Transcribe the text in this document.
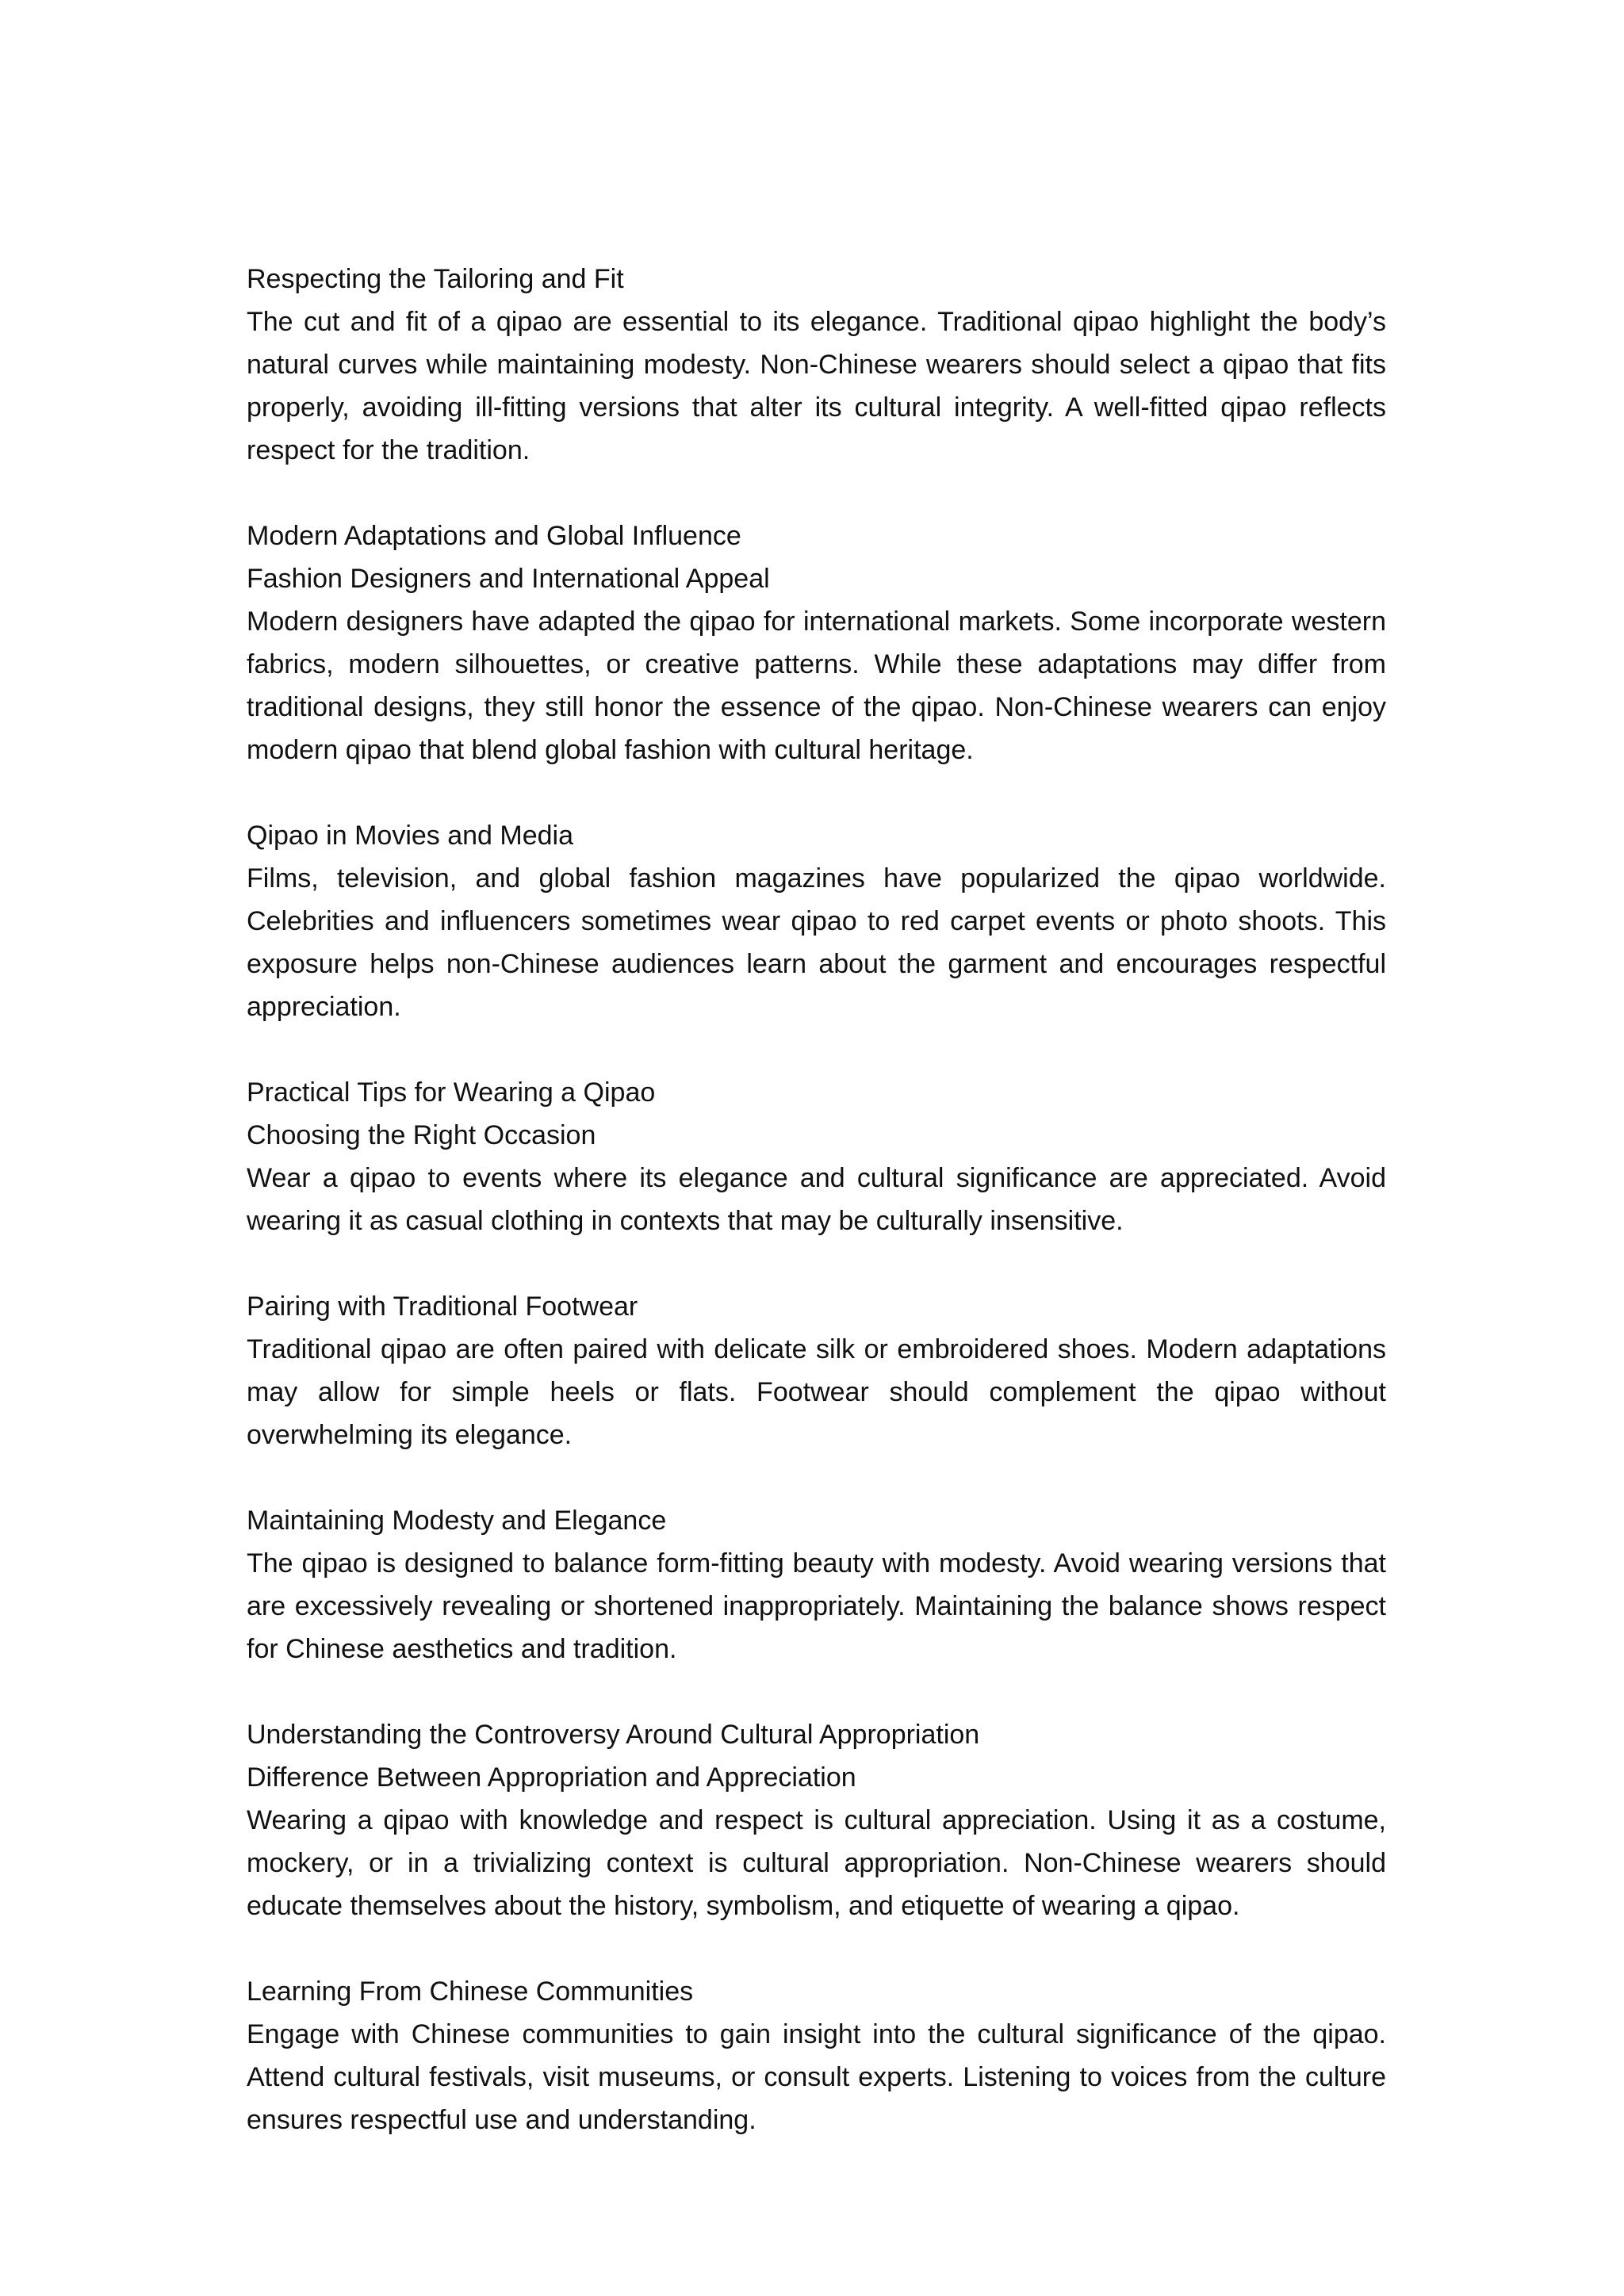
Respecting the Tailoring and Fit

The cut and fit of a qipao are essential to its elegance. Traditional qipao highlight the body’s natural curves while maintaining modesty. Non-Chinese wearers should select a qipao that fits properly, avoiding ill-fitting versions that alter its cultural integrity. A well-fitted qipao reflects respect for the tradition.

Modern Adaptations and Global Influence

Fashion Designers and International Appeal

Modern designers have adapted the qipao for international markets. Some incorporate western fabrics, modern silhouettes, or creative patterns. While these adaptations may differ from traditional designs, they still honor the essence of the qipao. Non-Chinese wearers can enjoy modern qipao that blend global fashion with cultural heritage.

Qipao in Movies and Media

Films, television, and global fashion magazines have popularized the qipao worldwide. Celebrities and influencers sometimes wear qipao to red carpet events or photo shoots. This exposure helps non-Chinese audiences learn about the garment and encourages respectful appreciation.

Practical Tips for Wearing a Qipao

Choosing the Right Occasion

Wear a qipao to events where its elegance and cultural significance are appreciated. Avoid wearing it as casual clothing in contexts that may be culturally insensitive.

Pairing with Traditional Footwear

Traditional qipao are often paired with delicate silk or embroidered shoes. Modern adaptations may allow for simple heels or flats. Footwear should complement the qipao without overwhelming its elegance.

Maintaining Modesty and Elegance

The qipao is designed to balance form-fitting beauty with modesty. Avoid wearing versions that are excessively revealing or shortened inappropriately. Maintaining the balance shows respect for Chinese aesthetics and tradition.

Understanding the Controversy Around Cultural Appropriation

Difference Between Appropriation and Appreciation

Wearing a qipao with knowledge and respect is cultural appreciation. Using it as a costume, mockery, or in a trivializing context is cultural appropriation. Non-Chinese wearers should educate themselves about the history, symbolism, and etiquette of wearing a qipao.

Learning From Chinese Communities

Engage with Chinese communities to gain insight into the cultural significance of the qipao. Attend cultural festivals, visit museums, or consult experts. Listening to voices from the culture ensures respectful use and understanding.
